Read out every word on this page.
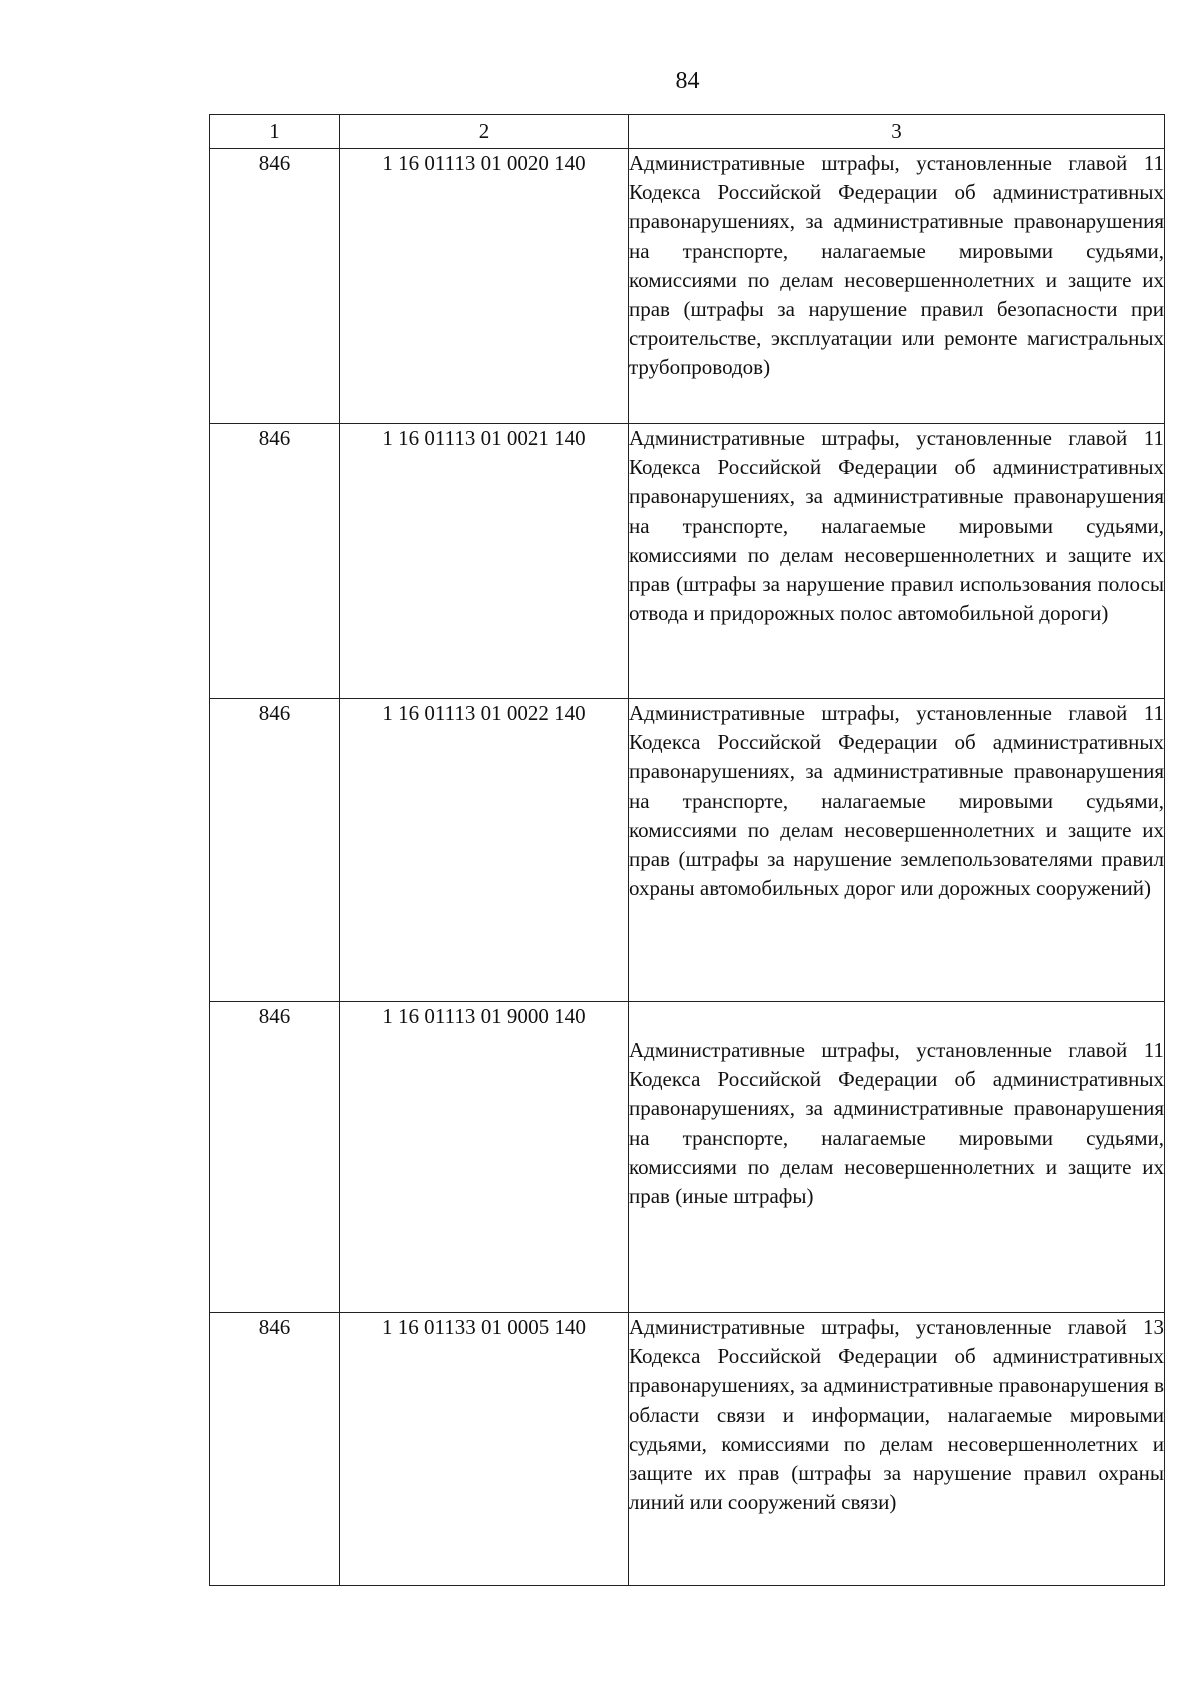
84
1	2	3
846	1 16 01113 01 0020 140	Административные штрафы, установленные главой 11 Кодекса Российской Федерации об административных правонарушениях, за административные правонарушения на транспорте, налагаемые мировыми судьями, комиссиями по делам несовершеннолетних и защите их прав (штрафы за нарушение правил безопасности при строительстве, эксплуатации или ремонте магистральных трубопроводов)
846	1 16 01113 01 0021 140	Административные штрафы, установленные главой 11 Кодекса Российской Федерации об административных правонарушениях, за административные правонарушения на транспорте, налагаемые мировыми судьями, комиссиями по делам несовершеннолетних и защите их прав (штрафы за нарушение правил использования полосы отвода и придорожных полос автомобильной дороги)
846	1 16 01113 01 0022 140	Административные штрафы, установленные главой 11 Кодекса Российской Федерации об административных правонарушениях, за административные правонарушения на транспорте, налагаемые мировыми судьями, комиссиями по делам несовершеннолетних и защите их прав (штрафы за нарушение землепользователями правил охраны автомобильных дорог или дорожных сооружений)
846	1 16 01113 01 9000 140	Административные штрафы, установленные главой 11 Кодекса Российской Федерации об административных правонарушениях, за административные правонарушения на транспорте, налагаемые мировыми судьями, комиссиями по делам несовершеннолетних и защите их прав (иные штрафы)
846	1 16 01133 01 0005 140	Административные штрафы, установленные главой 13 Кодекса Российской Федерации об административных правонарушениях, за административные правонарушения в области связи и информации, налагаемые мировыми судьями, комиссиями по делам несовершеннолетних и защите их прав (штрафы за нарушение правил охраны линий или сооружений связи)
